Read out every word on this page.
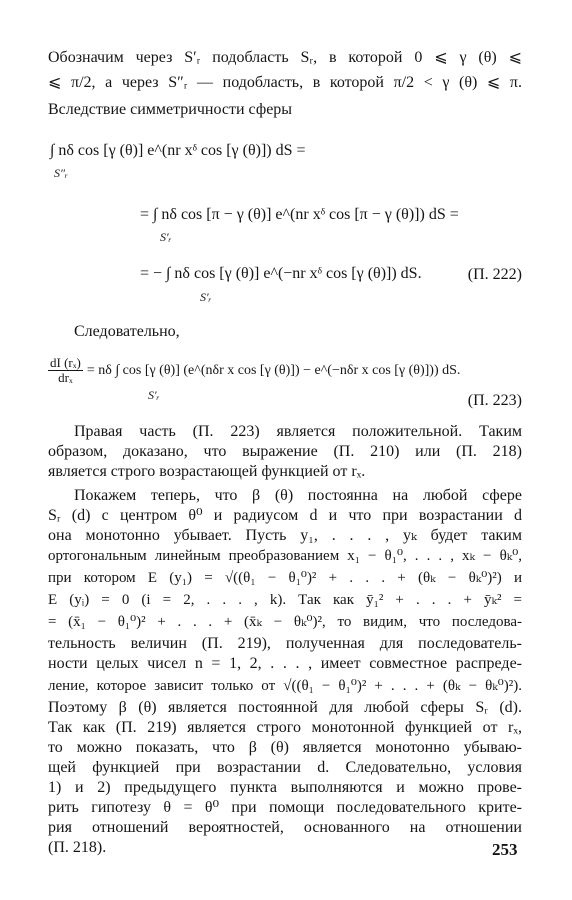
Обозначим через S′ᵣ подобласть Sᵣ, в которой 0 ⩽ γ (θ) ⩽
⩽ π/2, а через S″ᵣ — подобласть, в которой π/2 < γ (θ) ⩽ π.
Вследствие симметричности сферы
∫ nδ cos [γ (θ)] e^(nr xᵟ cos [γ (θ)]) dS =
S″ᵣ
= ∫ nδ cos [π − γ (θ)] e^(nr xᵟ cos [π − γ (θ)]) dS =
S′ᵣ
= − ∫ nδ cos [γ (θ)] e^(−nr xᵟ cos [γ (θ)]) dS.
S′ᵣ
(П. 222)
Следовательно,
$\frac{\text{dI (rₓ)}}{\text{drₓ}} = n\delta$ ∫ cos [γ (θ)] (e^(nδr x cos [γ (θ)]) − e^(−nδr x cos [γ (θ)])) dS.
S′ᵣ	(П. 223)
Правая часть (П. 223) является положительной. Таким
образом, доказано, что выражение (П. 210) или (П. 218)
является строго возрастающей функцией от rₓ.
Покажем теперь, что β (θ) постоянна на любой сфере
Sᵣ (d) с центром θ⁰ и радиусом d и что при возрастании d
она монотонно убывает. Пусть y₁, . . . , yₖ будет таким
ортогональным линейным преобразованием x₁ − θ₁⁰, . . . , xₖ − θₖ⁰,
при котором E (y₁) = √((θ₁ − θ₁⁰)² + . . . + (θₖ − θₖ⁰)²) и
E (yᵢ) = 0 (i = 2, . . . , k). Так как ȳ₁² + . . . + ȳₖ² =
= (x̄₁ − θ₁⁰)² + . . . + (x̄ₖ − θₖ⁰)², то видим, что последова-
тельность величин (П. 219), полученная для последователь-
ности целых чисел n = 1, 2, . . . , имеет совместное распреде-
ление, которое зависит только от √((θ₁ − θ₁⁰)² + . . . + (θₖ − θₖ⁰)²).
Поэтому β (θ) является постоянной для любой сферы Sᵣ (d).
Так как (П. 219) является строго монотонной функцией от rₓ,
то можно показать, что β (θ) является монотонно убываю-
щей функцией при возрастании d. Следовательно, условия
1) и 2) предыдущего пункта выполняются и можно прове-
рить гипотезу θ = θ⁰ при помощи последовательного крите-
рия отношений вероятностей, основанного на отношении
(П. 218).	253
